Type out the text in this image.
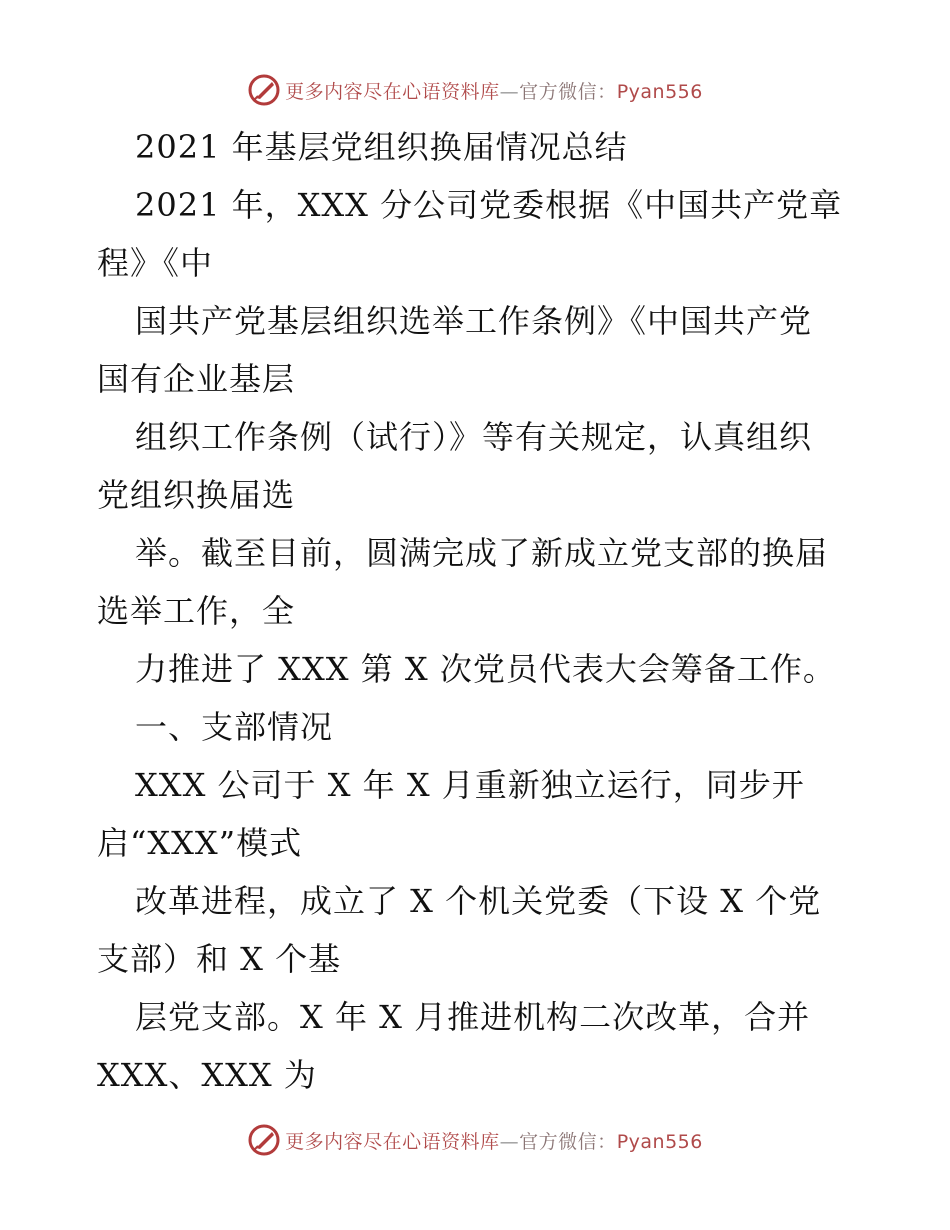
更多内容尽在心语资料库—官方微信：Pyan556
2021 年基层党组织换届情况总结
2021 年，XXX 分公司党委根据《中国共产党章
程》《中
国共产党基层组织选举工作条例》《中国共产党
国有企业基层
组织工作条例（试行）》等有关规定，认真组织
党组织换届选
举。截至目前，圆满完成了新成立党支部的换届
选举工作，全
力推进了 XXX 第 X 次党员代表大会筹备工作。
一、支部情况
XXX 公司于 X 年 X 月重新独立运行，同步开
启“XXX”模式
改革进程，成立了 X 个机关党委（下设 X 个党
支部）和 X 个基
层党支部。X 年 X 月推进机构二次改革，合并
XXX、XXX 为
更多内容尽在心语资料库—官方微信：Pyan556
